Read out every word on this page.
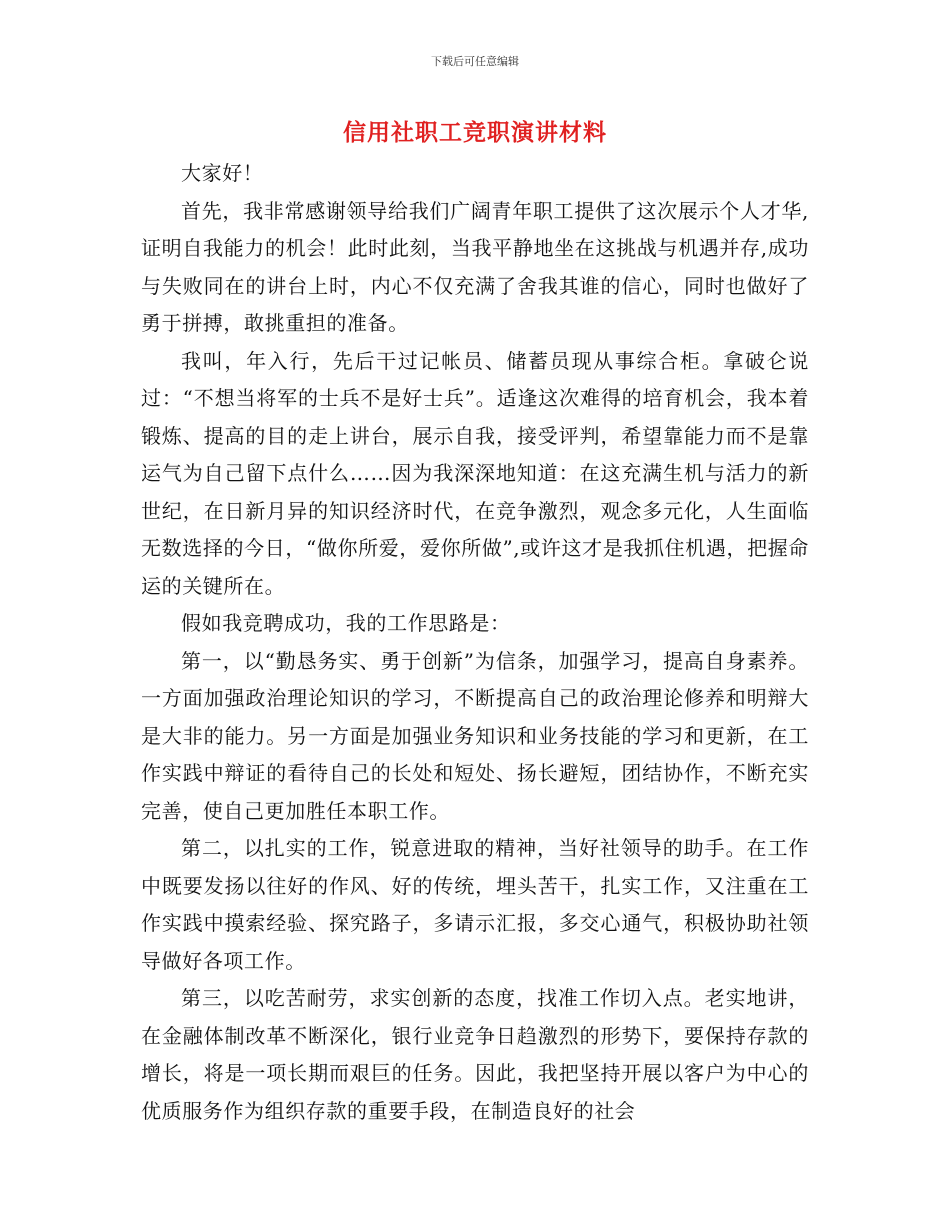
下载后可任意编辑
信用社职工竞职演讲材料

大家好！

首先，我非常感谢领导给我们广阔青年职工提供了这次展示个人才华,证明自我能力的机会！此时此刻，当我平静地坐在这挑战与机遇并存,成功与失败同在的讲台上时，内心不仅充满了舍我其谁的信心，同时也做好了勇于拼搏，敢挑重担的准备。

我叫，年入行，先后干过记帐员、储蓄员现从事综合柜。拿破仑说过：“不想当将军的士兵不是好士兵”。适逢这次难得的培育机会，我本着锻炼、提高的目的走上讲台，展示自我，接受评判，希望靠能力而不是靠运气为自己留下点什么……因为我深深地知道：在这充满生机与活力的新世纪，在日新月异的知识经济时代，在竞争激烈，观念多元化，人生面临无数选择的今日，“做你所爱，爱你所做”,或许这才是我抓住机遇，把握命运的关键所在。

假如我竞聘成功，我的工作思路是：

第一，以“勤恳务实、勇于创新”为信条，加强学习，提高自身素养。一方面加强政治理论知识的学习，不断提高自己的政治理论修养和明辩大是大非的能力。另一方面是加强业务知识和业务技能的学习和更新，在工作实践中辩证的看待自己的长处和短处、扬长避短，团结协作，不断充实完善，使自己更加胜任本职工作。

第二，以扎实的工作，锐意进取的精神，当好社领导的助手。在工作中既要发扬以往好的作风、好的传统，埋头苦干，扎实工作，又注重在工作实践中摸索经验、探究路子，多请示汇报，多交心通气，积极协助社领导做好各项工作。

第三，以吃苦耐劳，求实创新的态度，找准工作切入点。老实地讲，在金融体制改革不断深化，银行业竞争日趋激烈的形势下，要保持存款的增长，将是一项长期而艰巨的任务。因此，我把坚持开展以客户为中心的优质服务作为组织存款的重要手段，在制造良好的社会
